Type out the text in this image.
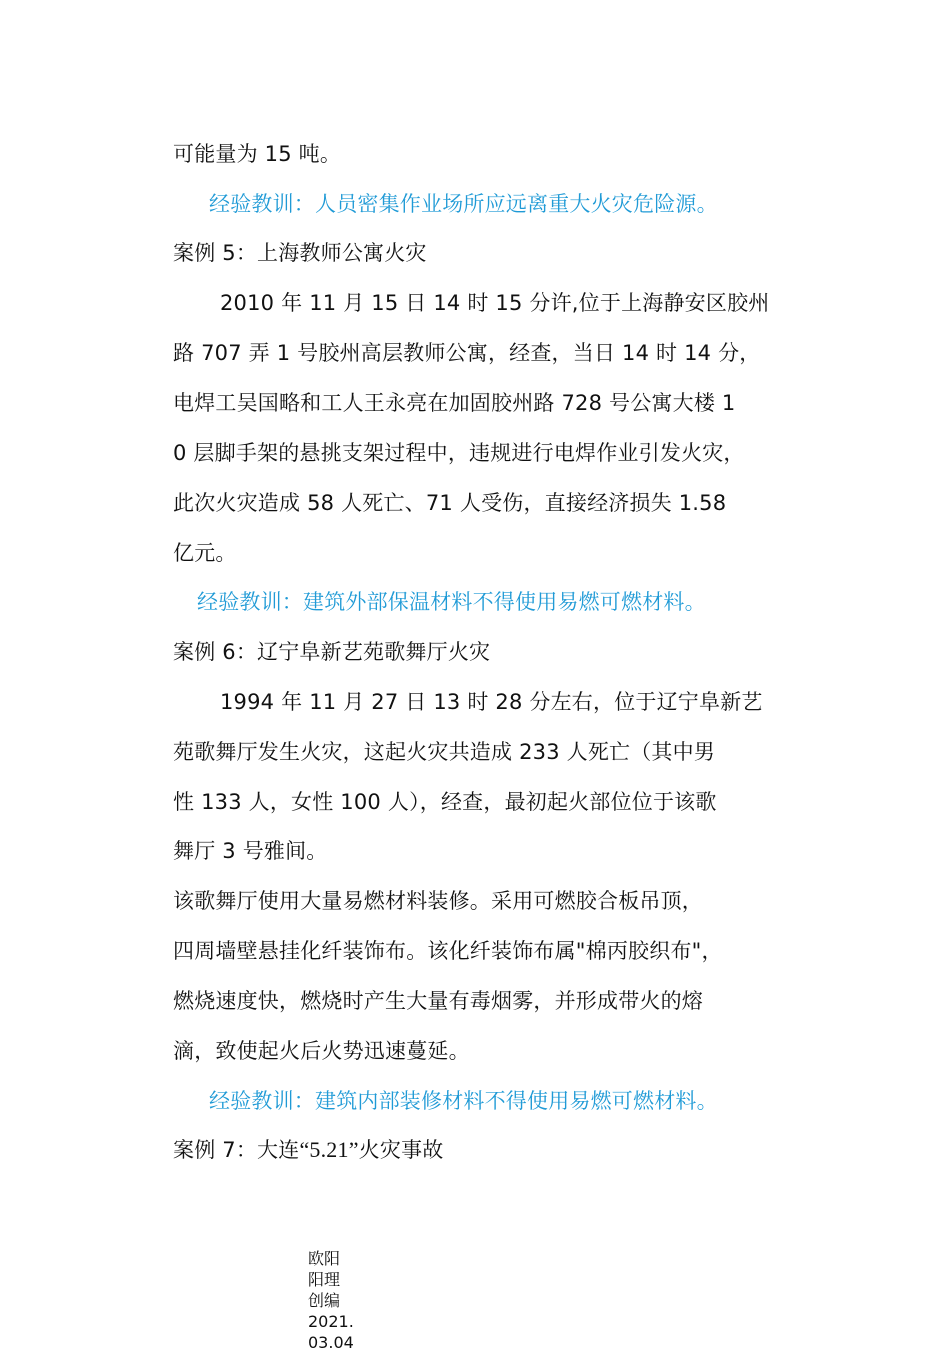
可能量为 15 吨。
经验教训：人员密集作业场所应远离重大火灾危险源。
案例 5：上海教师公寓火灾
2010 年 11 月 15 日 14 时 15 分许,位于上海静安区胶州
路 707 弄 1 号胶州高层教师公寓，经查，当日 14 时 14 分，
电焊工吴国略和工人王永亮在加固胶州路 728 号公寓大楼 1
0 层脚手架的悬挑支架过程中，违规进行电焊作业引发火灾，
此次火灾造成 58 人死亡、71 人受伤，直接经济损失 1.58
亿元。
经验教训：建筑外部保温材料不得使用易燃可燃材料。
案例 6：辽宁阜新艺苑歌舞厅火灾
1994 年 11 月 27 日 13 时 28 分左右，位于辽宁阜新艺
苑歌舞厅发生火灾，这起火灾共造成 233 人死亡（其中男
性 133 人，女性 100 人），经查，最初起火部位位于该歌
舞厅 3 号雅间。
该歌舞厅使用大量易燃材料装修。采用可燃胶合板吊顶，
四周墙壁悬挂化纤装饰布。该化纤装饰布属"棉丙胶织布"，
燃烧速度快，燃烧时产生大量有毒烟雾，并形成带火的熔
滴，致使起火后火势迅速蔓延。
经验教训：建筑内部装修材料不得使用易燃可燃材料。
案例 7：大连“5.21”火灾事故
欧阳
阳理
创编
2021.
03.04
